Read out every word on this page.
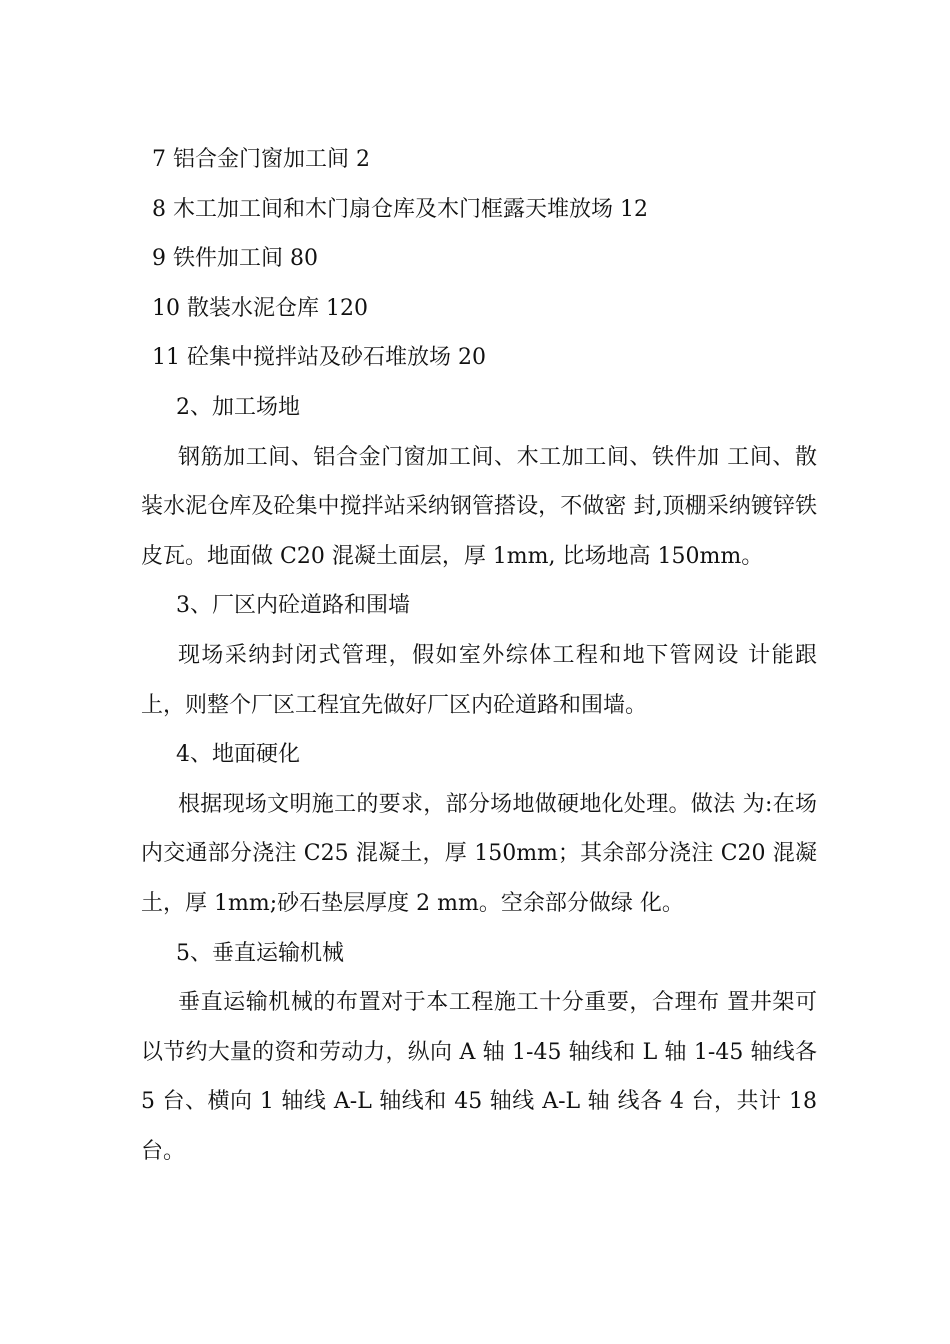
7 铝合金门窗加工间 2
8 木工加工间和木门扇仓库及木门框露天堆放场 12
9 铁件加工间 80
10 散装水泥仓库 120
11 砼集中搅拌站及砂石堆放场 20
2、加工场地

钢筋加工间、铝合金门窗加工间、木工加工间、铁件加 工间、散装水泥仓库及砼集中搅拌站采纳钢管搭设，不做密 封,顶棚采纳镀锌铁皮瓦。地面做 C20 混凝土面层，厚 1mm, 比场地高 150mm。

3、厂区内砼道路和围墙

现场采纳封闭式管理，假如室外综体工程和地下管网设 计能跟上，则整个厂区工程宜先做好厂区内砼道路和围墙。

4、地面硬化

根据现场文明施工的要求，部分场地做硬地化处理。做法 为:在场内交通部分浇注 C25 混凝土，厚 150mm；其余部分浇注 C20 混凝土，厚 1mm;砂石垫层厚度 2 mm。空余部分做绿 化。

5、垂直运输机械

垂直运输机械的布置对于本工程施工十分重要，合理布 置井架可以节约大量的资和劳动力，纵向 A 轴 1-45 轴线和 L 轴 1-45 轴线各 5 台、横向 1 轴线 A-L 轴线和 45 轴线 A-L 轴 线各 4 台，共计 18 台。
